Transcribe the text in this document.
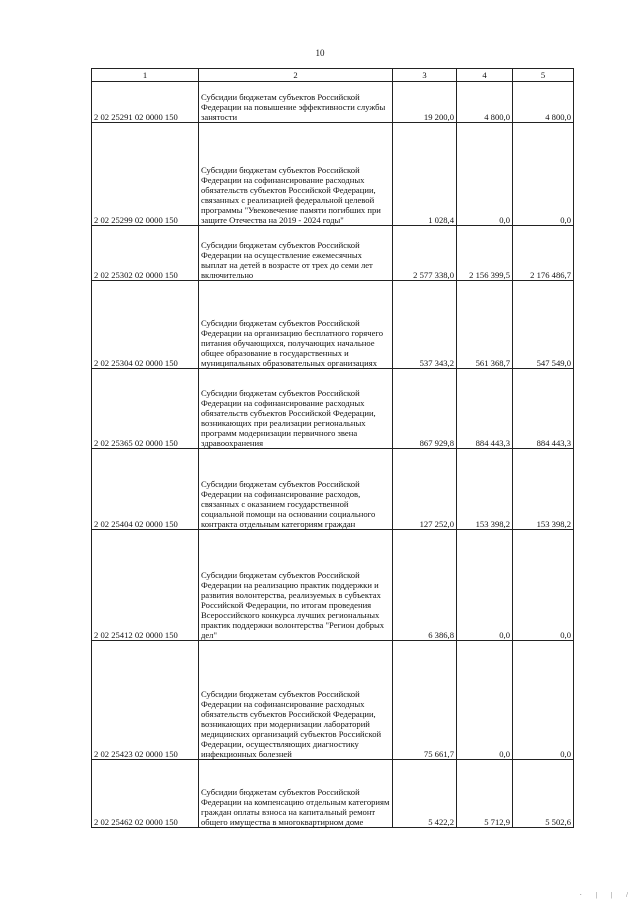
10
1	2	3	4	5
2 02 25291 02 0000 150	Субсидии бюджетам субъектов Российской Федерации на повышение эффективности службы занятости	19 200,0	4 800,0	4 800,0
2 02 25299 02 0000 150	Субсидии бюджетам субъектов Российской Федерации на софинансирование расходных обязательств субъектов Российской Федерации, связанных с реализацией федеральной целевой программы "Увековечение памяти погибших при защите Отечества на 2019 - 2024 годы"	1 028,4	0,0	0,0
2 02 25302 02 0000 150	Субсидии бюджетам субъектов Российской Федерации на осуществление ежемесячных выплат на детей в возрасте от трех до семи лет включительно	2 577 338,0	2 156 399,5	2 176 486,7
2 02 25304 02 0000 150	Субсидии бюджетам субъектов Российской Федерации на организацию бесплатного горячего питания обучающихся, получающих начальное общее образование в государственных и муниципальных образовательных организациях	537 343,2	561 368,7	547 549,0
2 02 25365 02 0000 150	Субсидии бюджетам субъектов Российской Федерации на софинансирование расходных обязательств субъектов Российской Федерации, возникающих при реализации региональных программ модернизации первичного звена здравоохранения	867 929,8	884 443,3	884 443,3
2 02 25404 02 0000 150	Субсидии бюджетам субъектов Российской Федерации на софинансирование расходов, связанных с оказанием государственной социальной помощи на основании социального контракта отдельным категориям граждан	127 252,0	153 398,2	153 398,2
2 02 25412 02 0000 150	Субсидии бюджетам субъектов Российской Федерации на реализацию практик поддержки и развития волонтерства, реализуемых в субъектах Российской Федерации, по итогам проведения Всероссийского конкурса лучших региональных практик поддержки волонтерства "Регион добрых дел"	6 386,8	0,0	0,0
2 02 25423 02 0000 150	Субсидии бюджетам субъектов Российской Федерации на софинансирование расходных обязательств субъектов Российской Федерации, возникающих при модернизации лабораторий медицинских организаций субъектов Российской Федерации, осуществляющих диагностику инфекционных болезней	75 661,7	0,0	0,0
2 02 25462 02 0000 150	Субсидии бюджетам субъектов Российской Федерации на компенсацию отдельным категориям граждан оплаты взноса на капитальный ремонт общего имущества в многоквартирном доме	5 422,2	5 712,9	5 502,6
· | | /
